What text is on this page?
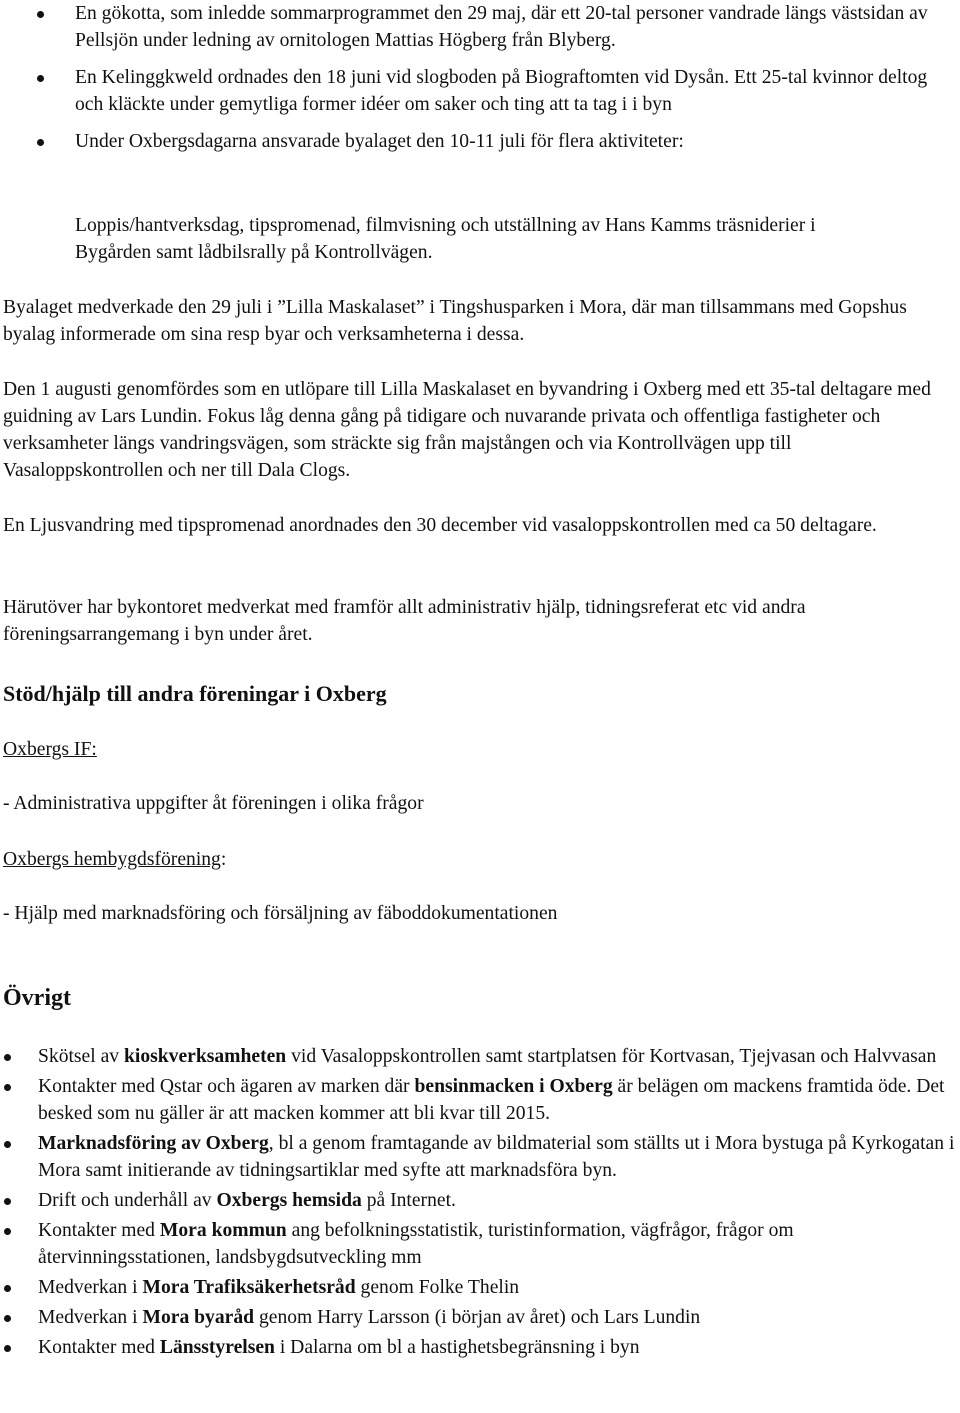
En gökotta, som inledde sommarprogrammet den 29 maj, där ett 20-tal personer vandrade längs västsidan av Pellsjön under ledning av ornitologen Mattias Högberg från Blyberg.
En Kelinggkweld ordnades den 18 juni vid slogboden på Biograftomten vid Dysån. Ett 25-tal kvinnor deltog och kläckte under gemytliga former idéer om saker och ting att ta tag i i byn
Under Oxbergsdagarna ansvarade byalaget den 10-11 juli för flera aktiviteter:

Loppis/hantverksdag, tipspromenad, filmvisning och utställning av Hans Kamms träsniderier i Bygården samt lådbilsrally på Kontrollvägen.

Byalaget medverkade den 29 juli i ”Lilla Maskalaset” i Tingshusparken i Mora, där man tillsammans med Gopshus byalag informerade om sina resp byar och verksamheterna i dessa.

Den 1 augusti genomfördes som en utlöpare till Lilla Maskalaset en byvandring i Oxberg med ett 35-tal deltagare med guidning av Lars Lundin. Fokus låg denna gång på tidigare och nuvarande privata och offentliga fastigheter och verksamheter längs vandringsvägen, som sträckte sig från majstången och via Kontrollvägen upp till Vasaloppskontrollen och ner till Dala Clogs.

En Ljusvandring med tipspromenad anordnades den 30 december vid vasaloppskontrollen med ca 50 deltagare.

Härutöver har bykontoret medverkat med framför allt administrativ hjälp, tidningsreferat etc vid andra föreningsarrangemang i byn under året.

Stöd/hjälp till andra föreningar i Oxberg

Oxbergs IF:

- Administrativa uppgifter åt föreningen i olika frågor

Oxbergs hembygdsförening:

- Hjälp med marknadsföring och försäljning av fäboddokumentationen

Övrigt
Skötsel av kioskverksamheten vid Vasaloppskontrollen samt startplatsen för Kortvasan, Tjejvasan och Halvvasan
Kontakter med Qstar och ägaren av marken där bensinmacken i Oxberg är belägen om mackens framtida öde. Det besked som nu gäller är att macken kommer att bli kvar till 2015.
Marknadsföring av Oxberg, bl a genom framtagande av bildmaterial som ställts ut i Mora bystuga på Kyrkogatan i Mora samt initierande av tidningsartiklar med syfte att marknadsföra byn.
Drift och underhåll av Oxbergs hemsida på Internet.
Kontakter med Mora kommun ang befolkningsstatistik, turistinformation, vägfrågor, frågor om återvinningsstationen, landsbygdsutveckling mm
Medverkan i Mora Trafiksäkerhetsråd genom Folke Thelin
Medverkan i Mora byaråd genom Harry Larsson (i början av året) och Lars Lundin
Kontakter med Länsstyrelsen i Dalarna om bl a hastighetsbegränsning i byn
